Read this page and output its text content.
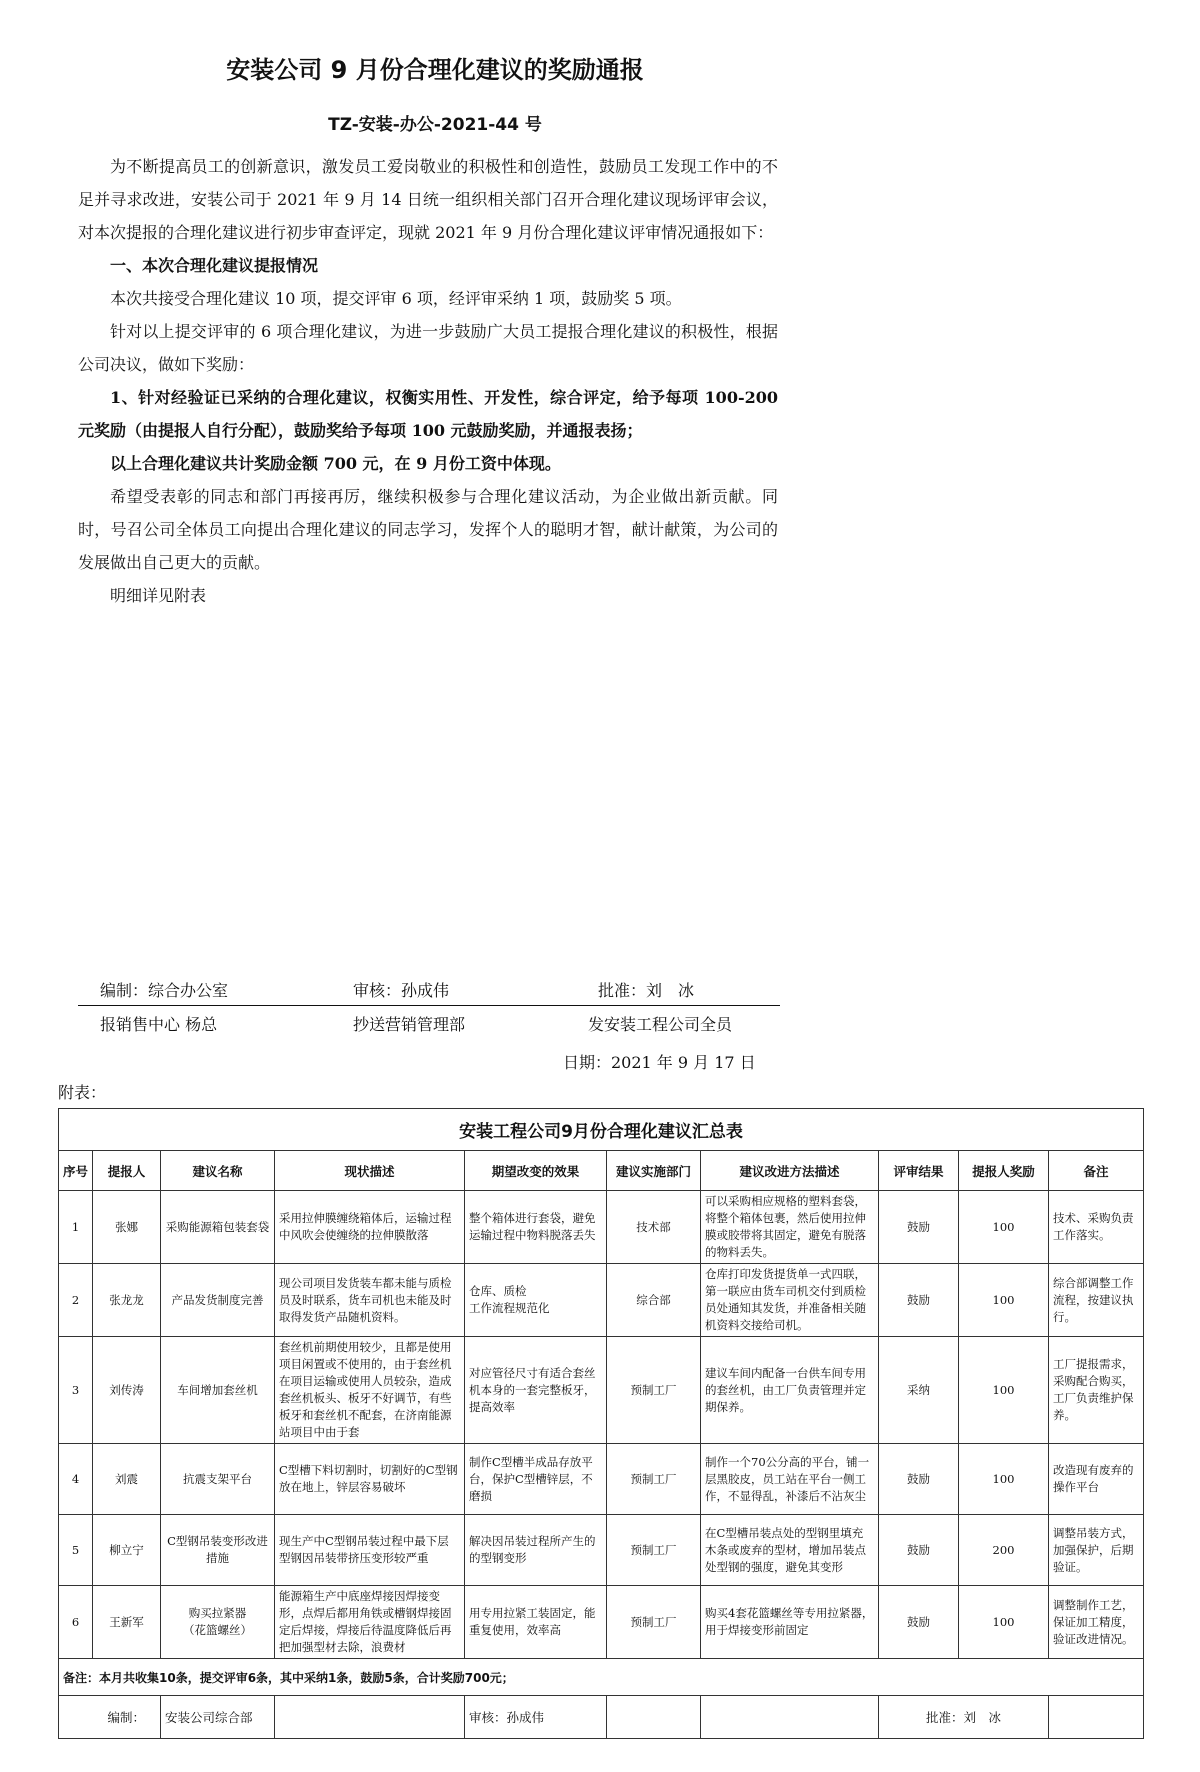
安装公司 9 月份合理化建议的奖励通报
TZ-安装-办公-2021-44 号

为不断提高员工的创新意识，激发员工爱岗敬业的积极性和创造性，鼓励员工发现工作中的不足并寻求改进，安装公司于 2021 年 9 月 14 日统一组织相关部门召开合理化建议现场评审会议，对本次提报的合理化建议进行初步审查评定，现就 2021 年 9 月份合理化建议评审情况通报如下：

一、本次合理化建议提报情况

本次共接受合理化建议 10 项，提交评审 6 项，经评审采纳 1 项，鼓励奖 5 项。

针对以上提交评审的 6 项合理化建议，为进一步鼓励广大员工提报合理化建议的积极性，根据公司决议，做如下奖励：

1、针对经验证已采纳的合理化建议，权衡实用性、开发性，综合评定，给予每项 100-200 元奖励（由提报人自行分配），鼓励奖给予每项 100 元鼓励奖励，并通报表扬；

以上合理化建议共计奖励金额 700 元，在 9 月份工资中体现。

希望受表彰的同志和部门再接再厉，继续积极参与合理化建议活动，为企业做出新贡献。同时，号召公司全体员工向提出合理化建议的同志学习，发挥个人的聪明才智，献计献策，为公司的发展做出自己更大的贡献。

明细详见附表

编制：综合办公室	审核：孙成伟	批准：刘　冰
报销售中心 杨总	抄送营销管理部	发安装工程公司全员
日期：2021 年 9 月 17 日
附表：
安装工程公司9月份合理化建议汇总表									
序号	提报人	建议名称	现状描述	期望改变的效果	建议实施部门	建议改进方法描述	评审结果	提报人奖励	备注
1	张娜	采购能源箱包装套袋	采用拉伸膜缠绕箱体后，运输过程中风吹会使缠绕的拉伸膜散落	整个箱体进行套袋，避免运输过程中物料脱落丢失	技术部	可以采购相应规格的塑料套袋，将整个箱体包裹，然后使用拉伸膜或胶带将其固定，避免有脱落的物料丢失。	鼓励	100	技术、采购负责工作落实。
2	张龙龙	产品发货制度完善	现公司项目发货装车都未能与质检员及时联系，货车司机也未能及时取得发货产品随机资料。	仓库、质检
工作流程规范化	综合部	仓库打印发货提货单一式四联，第一联应由货车司机交付到质检员处通知其发货，并准备相关随机资料交接给司机。	鼓励	100	综合部调整工作流程，按建议执行。
3	刘传涛	车间增加套丝机	套丝机前期使用较少，且都是使用项目闲置或不使用的，由于套丝机在项目运输或使用人员较杂，造成套丝机板头、板牙不好调节，有些板牙和套丝机不配套，在济南能源站项目中由于套	对应管径尺寸有适合套丝机本身的一套完整板牙，提高效率	预制工厂	建议车间内配备一台供车间专用的套丝机，由工厂负责管理并定期保养。	采纳	100	工厂提报需求，采购配合购买，工厂负责维护保养。
4	刘震	抗震支架平台	C型槽下料切割时，切割好的C型钢放在地上，锌层容易破坏	制作C型槽半成品存放平台，保护C型槽锌层，不磨损	预制工厂	制作一个70公分高的平台，铺一层黑胶皮，员工站在平台一侧工作，不显得乱，补漆后不沾灰尘	鼓励	100	改造现有废弃的操作平台
5	柳立宁	C型钢吊装变形改进措施	现生产中C型钢吊装过程中最下层型钢因吊装带挤压变形较严重	解决因吊装过程所产生的的型钢变形	预制工厂	在C型槽吊装点处的型钢里填充木条或废弃的型材，增加吊装点处型钢的强度，避免其变形	鼓励	200	调整吊装方式，加强保护，后期验证。
6	王新军	购买拉紧器
（花篮螺丝）	能源箱生产中底座焊接因焊接变形，点焊后都用角铁或槽钢焊接固定后焊接，焊接后待温度降低后再把加强型材去除，浪费材	用专用拉紧工装固定，能重复使用，效率高	预制工厂	购买4套花篮螺丝等专用拉紧器，用于焊接变形前固定	鼓励	100	调整制作工艺，保证加工精度，验证改进情况。
备注：本月共收集10条，提交评审6条，其中采纳1条，鼓励5条，合计奖励700元；									
	编制：	安装公司综合部		审核：孙成伟			批准：刘　冰		
